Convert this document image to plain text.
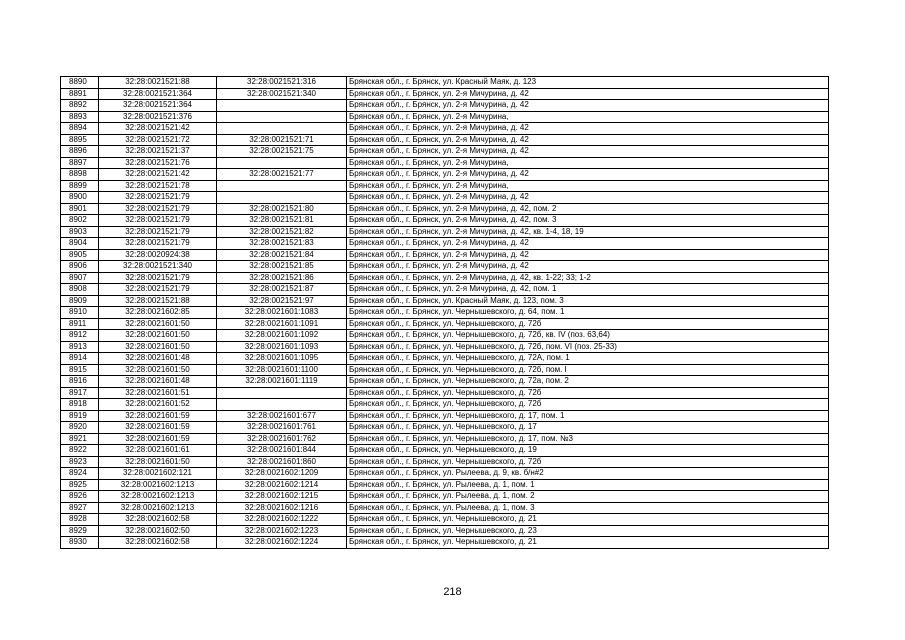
8890	32:28:0021521:88	32:28:0021521:316	Брянская обл., г. Брянск, ул. Красный Маяк, д. 123
8891	32:28:0021521:364	32:28:0021521:340	Брянская обл., г. Брянск, ул. 2-я Мичурина, д. 42
8892	32:28:0021521:364		Брянская обл., г. Брянск, ул. 2-я Мичурина, д. 42
8893	32:28:0021521:376		Брянская обл., г. Брянск, ул. 2-я Мичурина,
8894	32:28:0021521:42		Брянская обл., г. Брянск, ул. 2-я Мичурина, д. 42
8895	32:28:0021521:72	32:28:0021521:71	Брянская обл., г. Брянск, ул. 2-я Мичурина, д. 42
8896	32:28:0021521:37	32:28:0021521:75	Брянская обл., г. Брянск, ул. 2-я Мичурина, д. 42
8897	32:28:0021521:76		Брянская обл., г. Брянск, ул. 2-я Мичурина,
8898	32:28:0021521:42	32:28:0021521:77	Брянская обл., г. Брянск, ул. 2-я Мичурина, д. 42
8899	32:28:0021521:78		Брянская обл., г. Брянск, ул. 2-я Мичурина,
8900	32:28:0021521:79		Брянская обл., г. Брянск, ул. 2-я Мичурина, д. 42
8901	32:28:0021521:79	32:28:0021521:80	Брянская обл., г. Брянск, ул. 2-я Мичурина, д. 42, пом. 2
8902	32:28:0021521:79	32:28:0021521:81	Брянская обл., г. Брянск, ул. 2-я Мичурина, д. 42, пом. 3
8903	32:28:0021521:79	32:28:0021521:82	Брянская обл., г. Брянск, ул. 2-я Мичурина, д. 42, кв. 1-4, 18, 19
8904	32:28:0021521:79	32:28:0021521:83	Брянская обл., г. Брянск, ул. 2-я Мичурина, д. 42
8905	32:28:0020924:38	32:28:0021521:84	Брянская обл., г. Брянск, ул. 2-я Мичурина, д. 42
8906	32:28:0021521:340	32:28:0021521:85	Брянская обл., г. Брянск, ул. 2-я Мичурина, д. 42
8907	32:28:0021521:79	32:28:0021521:86	Брянская обл., г. Брянск, ул. 2-я Мичурина, д. 42, кв. 1-22; 33; 1-2
8908	32:28:0021521:79	32:28:0021521:87	Брянская обл., г. Брянск, ул. 2-я Мичурина, д. 42, пом. 1
8909	32:28:0021521:88	32:28:0021521:97	Брянская обл., г. Брянск, ул. Красный Маяк, д. 123, пом. 3
8910	32:28:0021602:85	32:28:0021601:1083	Брянская обл., г. Брянск, ул. Чернышевского, д. 64, пом. 1
8911	32:28:0021601:50	32:28:0021601:1091	Брянская обл., г. Брянск, ул. Чернышевского, д. 72б
8912	32:28:0021601:50	32:28:0021601:1092	Брянская обл., г. Брянск, ул. Чернышевского, д. 72б, кв. IV (поз. 63,64)
8913	32:28:0021601:50	32:28:0021601:1093	Брянская обл., г. Брянск, ул. Чернышевского, д. 72б, пом. VI (поз. 25-33)
8914	32:28:0021601:48	32:28:0021601:1095	Брянская обл., г. Брянск, ул. Чернышевского, д. 72А, пом. 1
8915	32:28:0021601:50	32:28:0021601:1100	Брянская обл., г. Брянск, ул. Чернышевского, д. 72б, пом. I
8916	32:28:0021601:48	32:28:0021601:1119	Брянская обл., г. Брянск, ул. Чернышевского, д. 72а, пом. 2
8917	32:28:0021601:51		Брянская обл., г. Брянск, ул. Чернышевского, д. 72б
8918	32:28:0021601:52		Брянская обл., г. Брянск, ул. Чернышевского, д. 72б
8919	32:28:0021601:59	32:28:0021601:677	Брянская обл., г. Брянск, ул. Чернышевского, д. 17, пом. 1
8920	32:28:0021601:59	32:28:0021601:761	Брянская обл., г. Брянск, ул. Чернышевского, д. 17
8921	32:28:0021601:59	32:28:0021601:762	Брянская обл., г. Брянск, ул. Чернышевского, д. 17, пом. №3
8922	32:28:0021601:61	32:28:0021601:844	Брянская обл., г. Брянск, ул. Чернышевского, д. 19
8923	32:28:0021601:50	32:28:0021601:860	Брянская обл., г. Брянск, ул. Чернышевского, д. 72б
8924	32:28:0021602:121	32:28:0021602:1209	Брянская обл., г. Брянск, ул. Рылеева, д. 9, кв. б/н#2
8925	32:28:0021602:1213	32:28:0021602:1214	Брянская обл., г. Брянск, ул. Рылеева, д. 1, пом. 1
8926	32:28:0021602:1213	32:28:0021602:1215	Брянская обл., г. Брянск, ул. Рылеева, д. 1, пом. 2
8927	32:28:0021602:1213	32:28:0021602:1216	Брянская обл., г. Брянск, ул. Рылеева, д. 1, пом. 3
8928	32:28:0021602:58	32:28:0021602:1222	Брянская обл., г. Брянск, ул. Чернышевского, д. 21
8929	32:28:0021602:50	32:28:0021602:1223	Брянская обл., г. Брянск, ул. Чернышевского, д. 23
8930	32:28:0021602:58	32:28:0021602:1224	Брянская обл., г. Брянск, ул. Чернышевского, д. 21
218
